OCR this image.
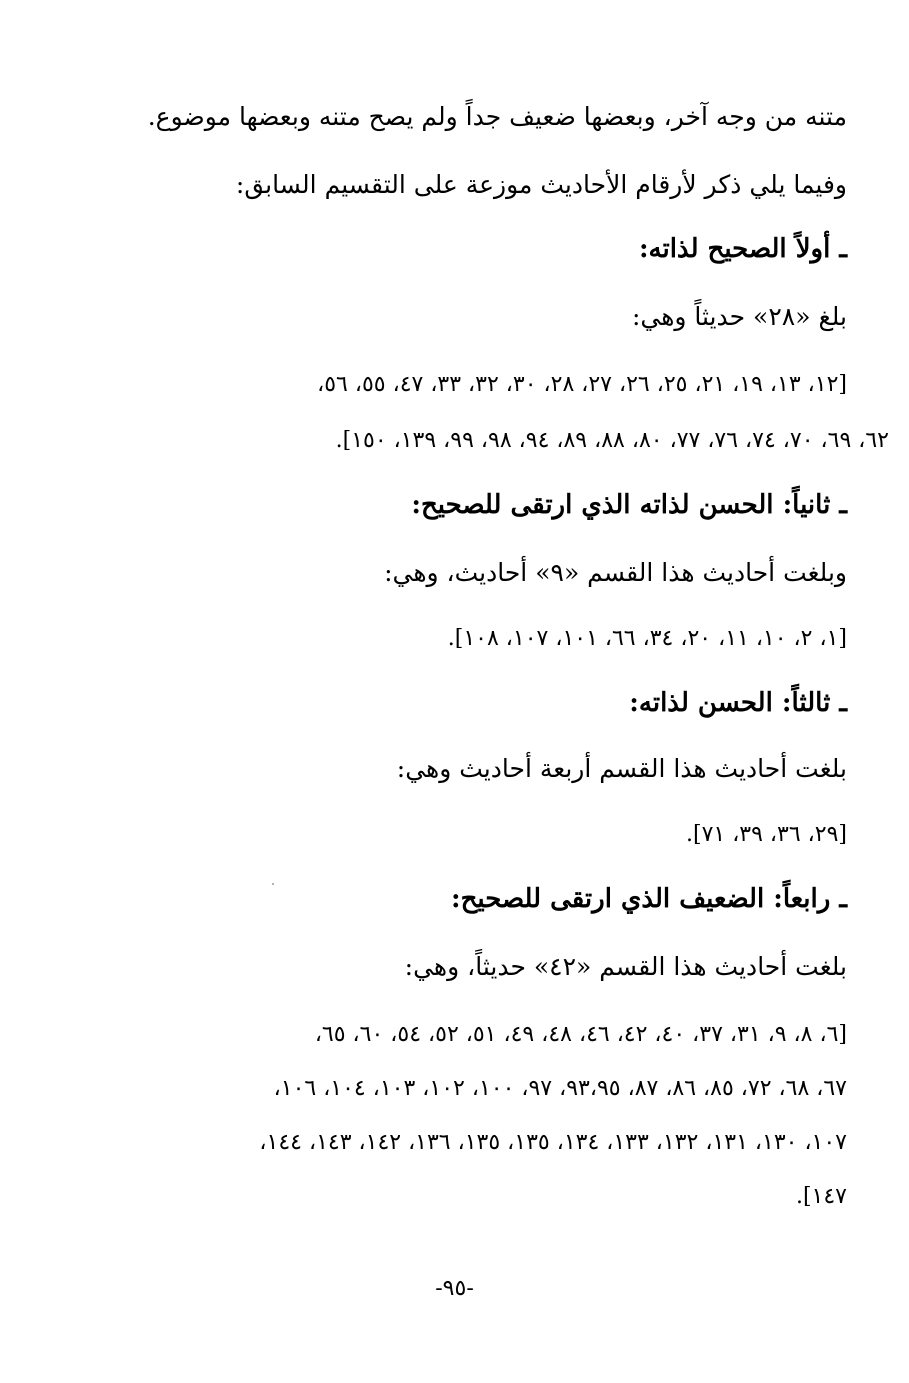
متنه من وجه آخر، وبعضها ضعيف جداً ولم يصح متنه وبعضها موضوع.
وفيما يلي ذكر لأرقام الأحاديث موزعة على التقسيم السابق:
ـ أولاً الصحيح لذاته:
بلغ «٢٨» حديثاً وهي:
[١٢، ١٣، ١٩، ٢١، ٢٥، ٢٦، ٢٧، ٢٨، ٣٠، ٣٢، ٣٣، ٤٧، ٥٥، ٥٦،
٦٢، ٦٩، ٧٠، ٧٤، ٧٦، ٧٧، ٨٠، ٨٨، ٨٩، ٩٤، ٩٨، ٩٩، ١٣٩، ١٥٠].
ـ ثانياً: الحسن لذاته الذي ارتقى للصحيح:
وبلغت أحاديث هذا القسم «٩» أحاديث، وهي:
[١، ٢، ١٠، ١١، ٢٠، ٣٤، ٦٦، ١٠١، ١٠٧، ١٠٨].
ـ ثالثاً: الحسن لذاته:
بلغت أحاديث هذا القسم أربعة أحاديث وهي:
[٢٩، ٣٦، ٣٩، ٧١].
ـ رابعاً: الضعيف الذي ارتقى للصحيح:
بلغت أحاديث هذا القسم «٤٢» حديثاً، وهي:
[٦، ٨، ٩، ٣١، ٣٧، ٤٠، ٤٢، ٤٦، ٤٨، ٤٩، ٥١، ٥٢، ٥٤، ٦٠، ٦٥،
٦٧، ٦٨، ٧٢، ٨٥، ٨٦، ٨٧، ٩٣،٩٥، ٩٧، ١٠٠، ١٠٢، ١٠٣، ١٠٤، ١٠٦،
١٠٧، ١٣٠، ١٣١، ١٣٢، ١٣٣، ١٣٤، ١٣٥، ١٣٥، ١٣٦، ١٤٢، ١٤٣، ١٤٤،
١٤٧].
-٩٥-
